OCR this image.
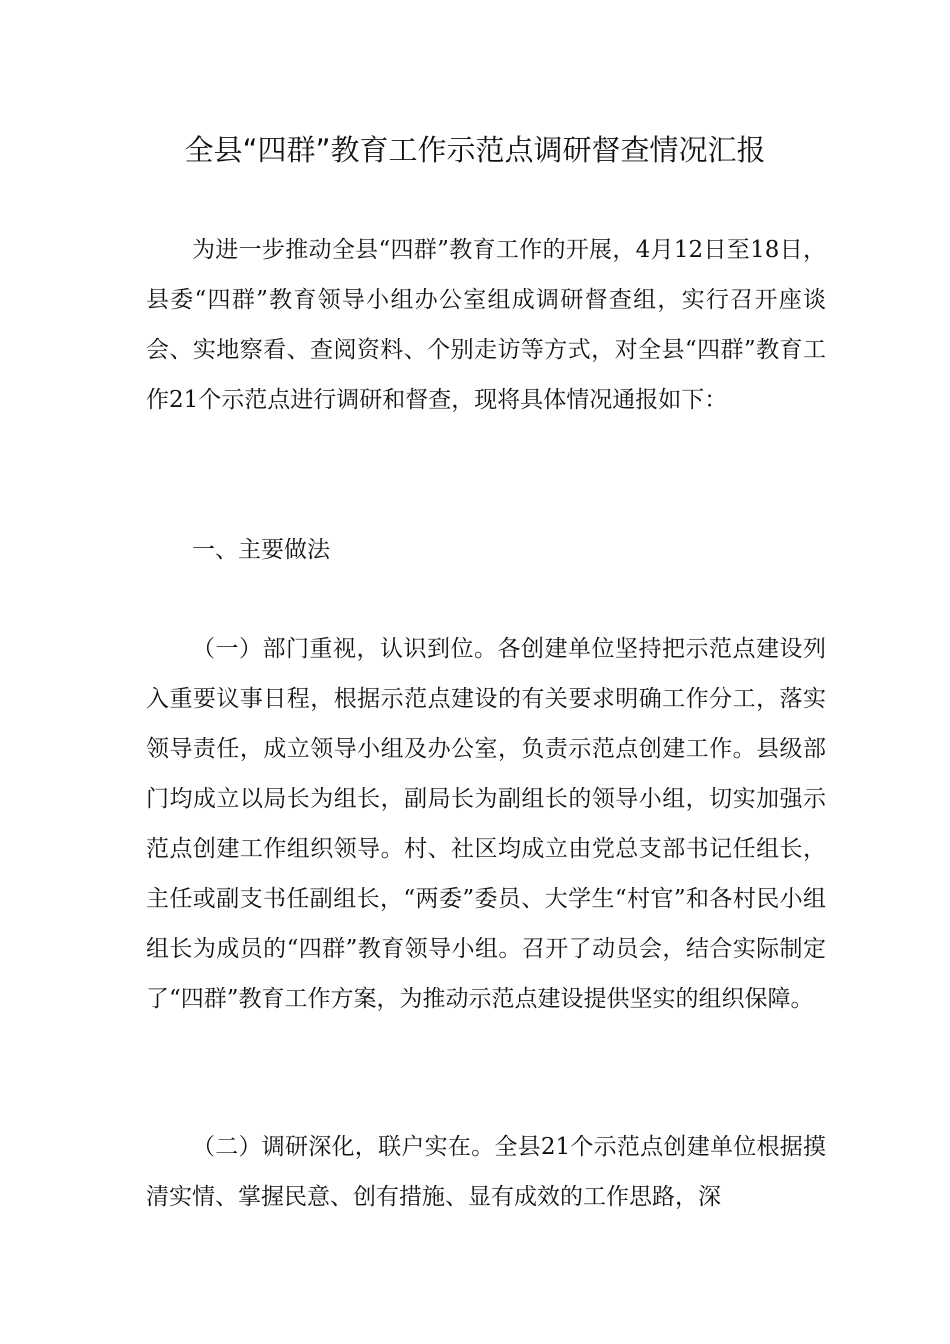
全县“四群”教育工作示范点调研督查情况汇报

为进一步推动全县“四群”教育工作的开展，4月12日至18日，县委“四群”教育领导小组办公室组成调研督查组，实行召开座谈会、实地察看、查阅资料、个别走访等方式，对全县“四群”教育工作21个示范点进行调研和督查，现将具体情况通报如下：

一、主要做法

（一）部门重视，认识到位。各创建单位坚持把示范点建设列入重要议事日程，根据示范点建设的有关要求明确工作分工，落实领导责任，成立领导小组及办公室，负责示范点创建工作。县级部门均成立以局长为组长，副局长为副组长的领导小组，切实加强示范点创建工作组织领导。村、社区均成立由党总支部书记任组长，主任或副支书任副组长，“两委”委员、大学生“村官”和各村民小组组长为成员的“四群”教育领导小组。召开了动员会，结合实际制定了“四群”教育工作方案，为推动示范点建设提供坚实的组织保障。

（二）调研深化，联户实在。全县21个示范点创建单位根据摸清实情、掌握民意、创有措施、显有成效的工作思路，深
